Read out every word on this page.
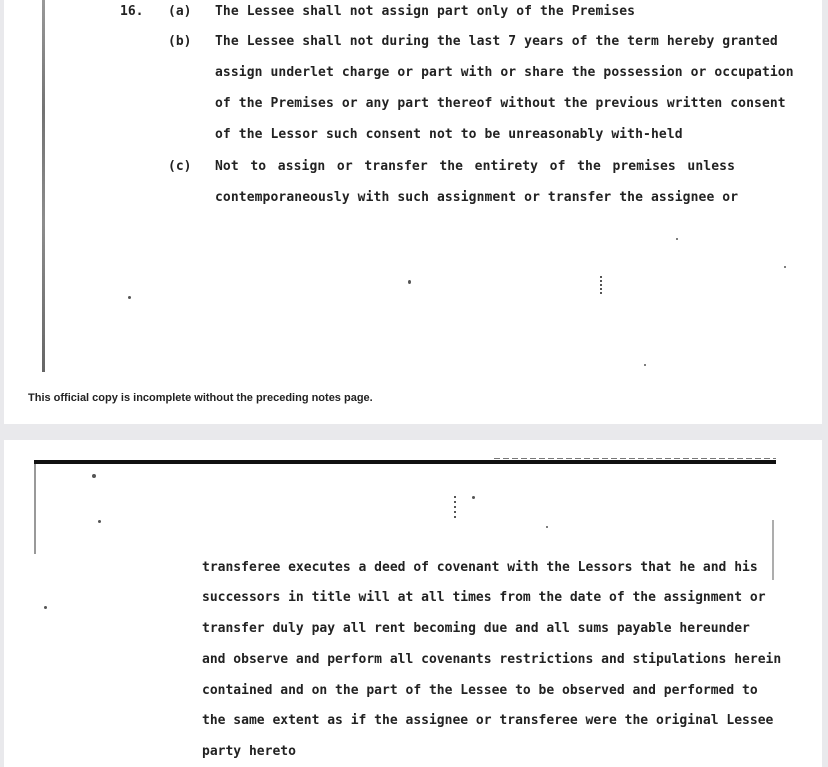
16. (a) The Lessee shall not assign part only of the Premises
(b) The Lessee shall not during the last 7 years of the term hereby granted
assign underlet charge or part with or share the possession or occupation
of the Premises or any part thereof without the previous written consent
of the Lessor such consent not to be unreasonably with-held
(c) Not to assign or transfer the entirety of the premises unless
contemporaneously with such assignment or transfer the assignee or
This official copy is incomplete without the preceding notes page.
transferee executes a deed of covenant with the Lessors that he and his
successors in title will at all times from the date of the assignment or
transfer duly pay all rent becoming due and all sums payable hereunder
and observe and perform all covenants restrictions and stipulations herein
contained and on the part of the Lessee to be observed and performed to
the same extent as if the assignee or transferee were the original Lessee
party hereto
